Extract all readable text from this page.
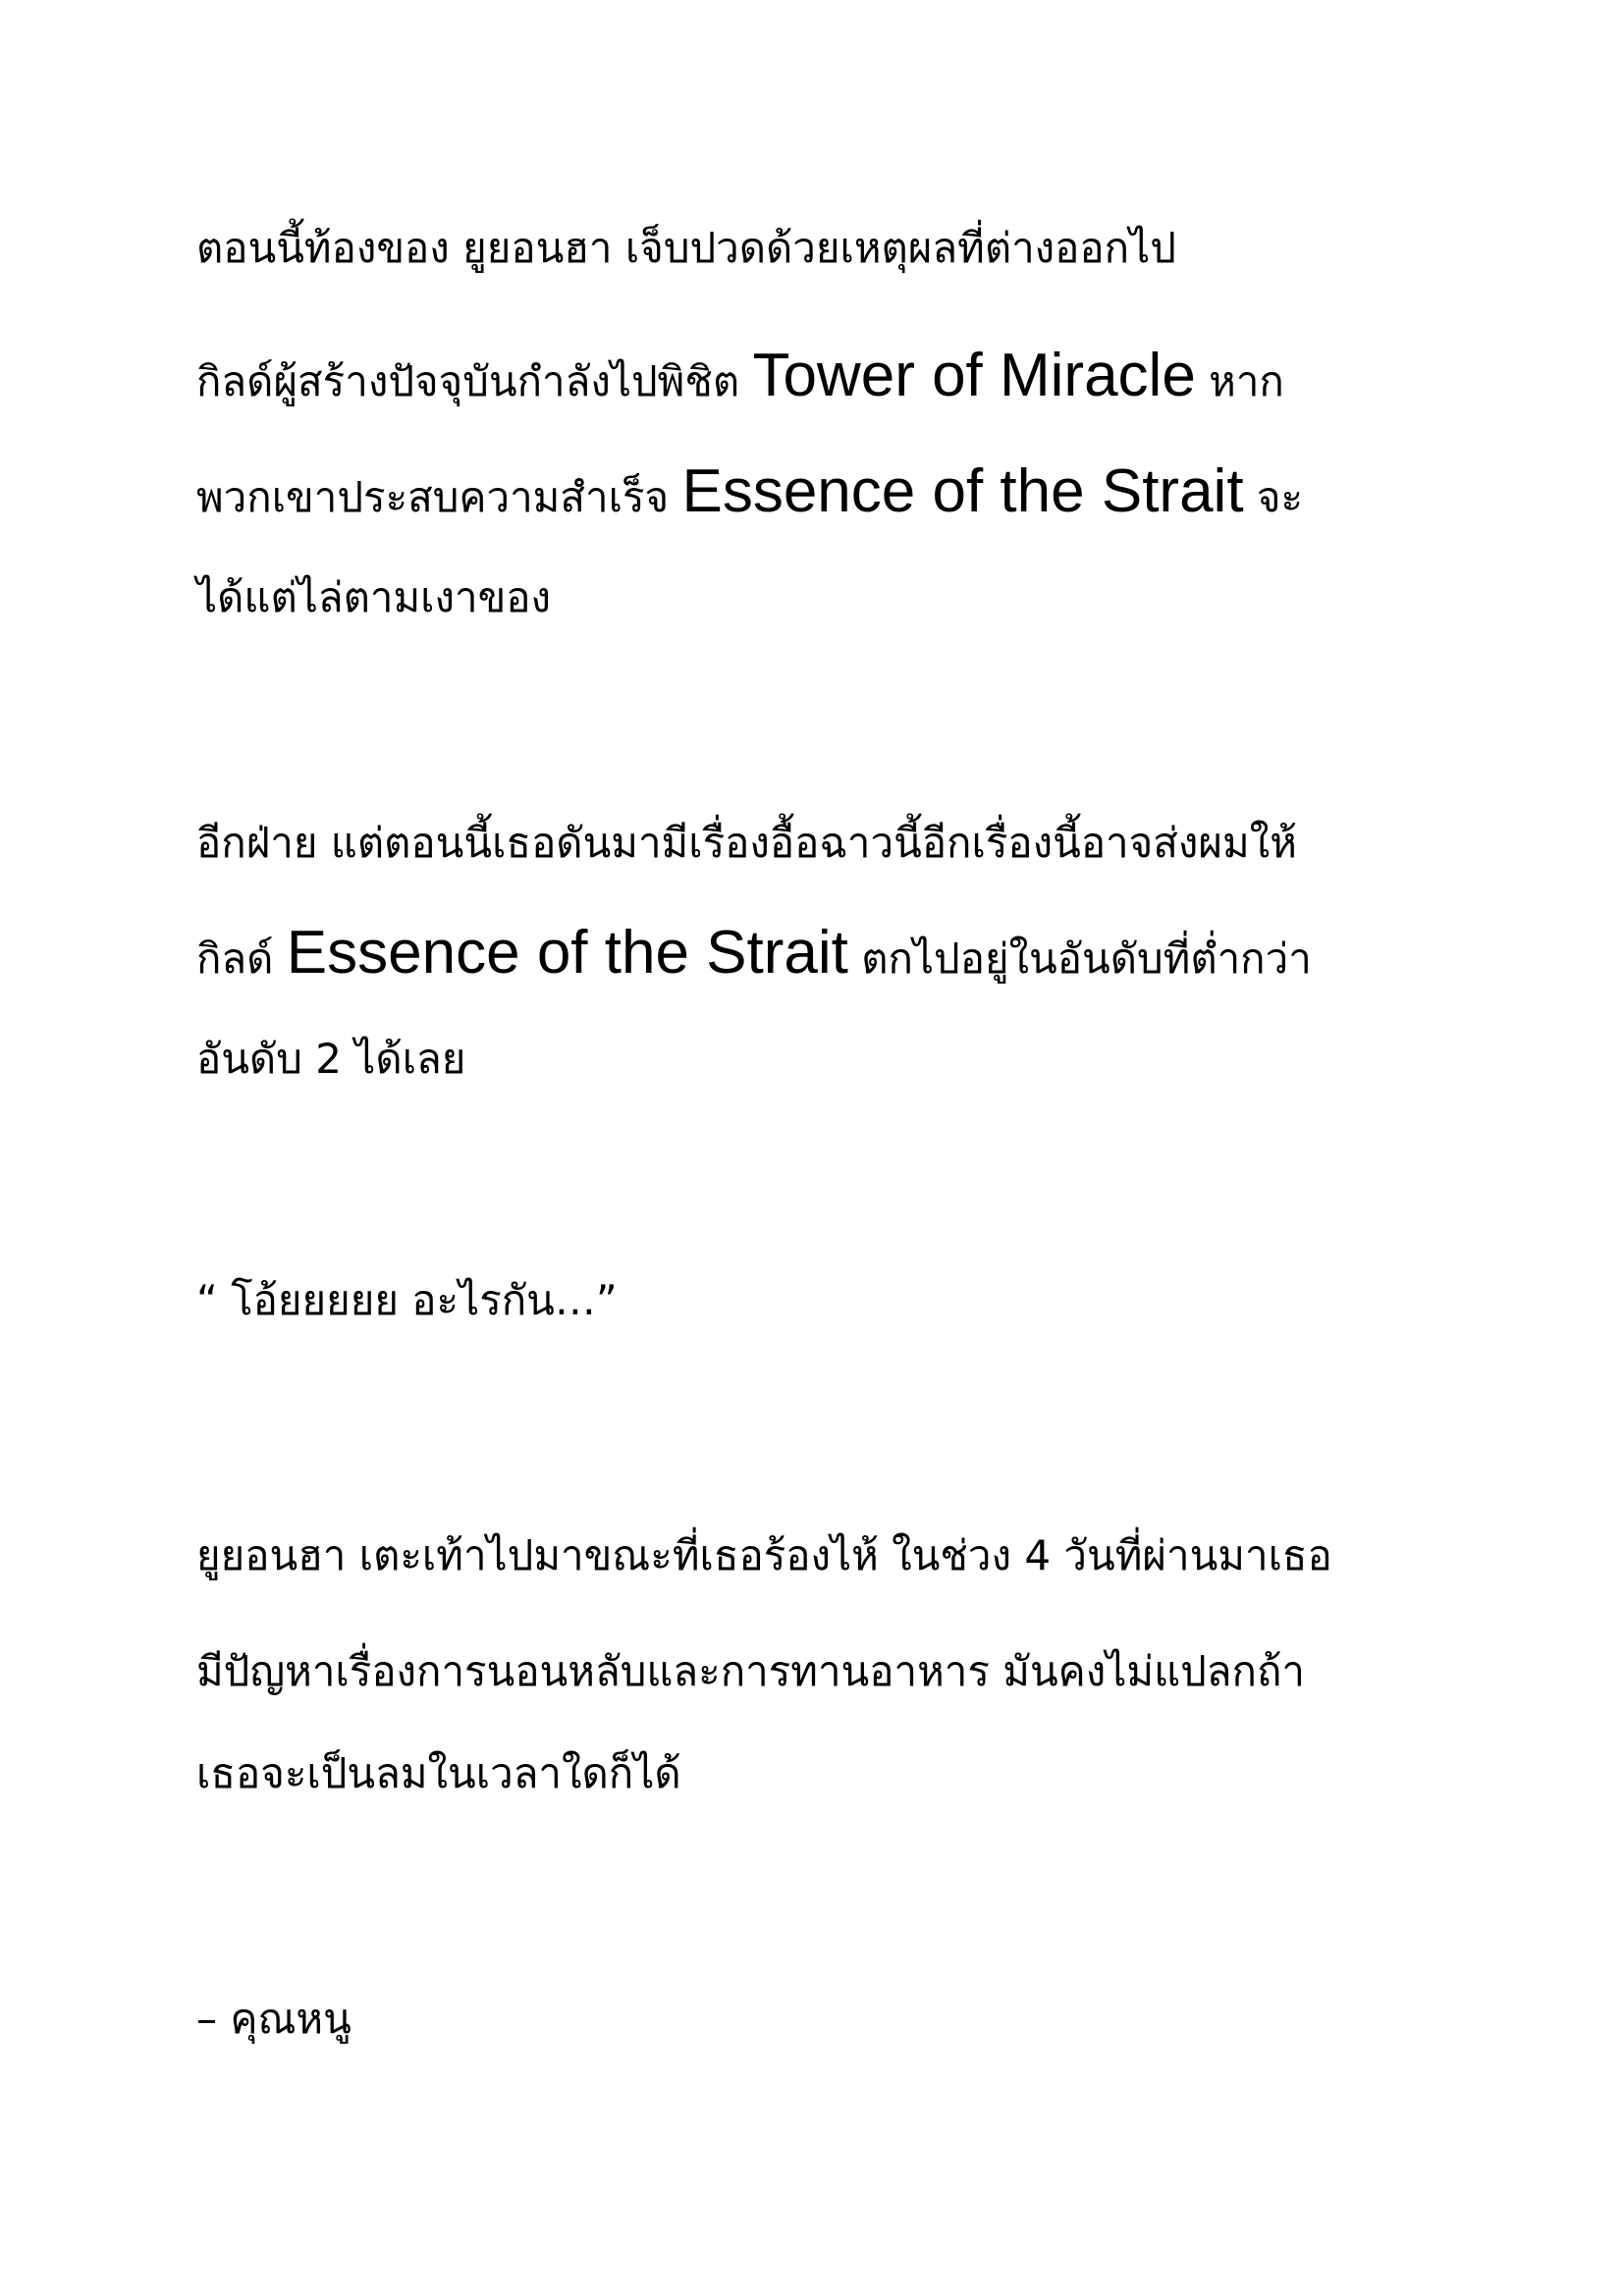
ตอนนี้ท้องของ ยูยอนฮา เจ็บปวดด้วยเหตุผลที่ต่างออกไป
กิลด์ผู้สร้างปัจจุบันกำลังไปพิชิต Tower of Miracle หาก
พวกเขาประสบความสำเร็จ Essence of the Strait จะ
ได้แต่ไล่ตามเงาของ
อีกฝ่าย แต่ตอนนี้เธอดันมามีเรื่องอื้อฉาวนี้อีกเรื่องนี้อาจส่งผมให้
กิลด์ Essence of the Strait ตกไปอยู่ในอันดับที่ต่ำกว่า
อันดับ 2 ได้เลย
“ โอ้ยยยยย อะไรกัน…”
ยูยอนฮา เตะเท้าไปมาขณะที่เธอร้องไห้ ในช่วง 4 วันที่ผ่านมาเธอ
มีปัญหาเรื่องการนอนหลับและการทานอาหาร มันคงไม่แปลกถ้า
เธอจะเป็นลมในเวลาใดก็ได้
– คุณหนู
